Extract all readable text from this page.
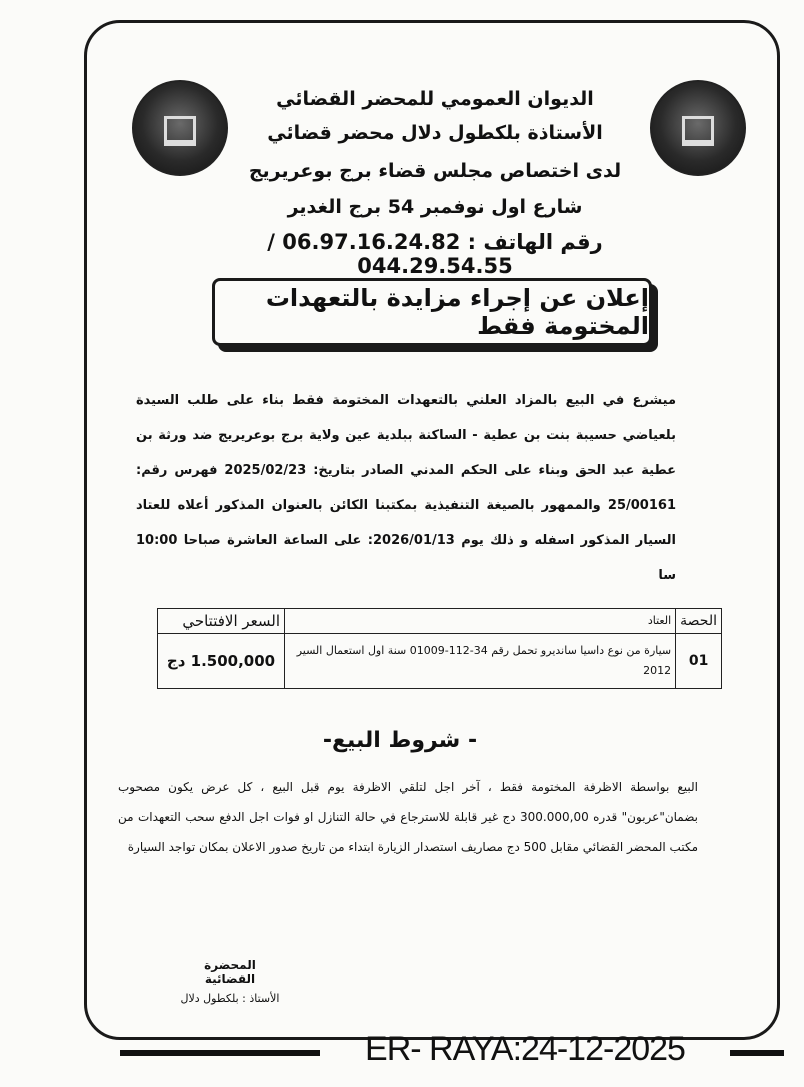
الديوان العمومي للمحضر القضائي
الأستاذة بلكطول دلال محضر قضائي
لدى اختصاص مجلس قضاء برج بوعريريج
شارع اول نوفمبر 54 برج الغدير
رقم الهاتف : 06.97.16.24.82 / 044.29.54.55
إعلان عن إجراء مزايدة بالتعهدات المختومة فقط
ميشرع في البيع بالمزاد العلني بالتعهدات المختومة فقط بناء على طلب السيدة بلعياضي حسيبة بنت بن عطية - الساكنة ببلدية عين ولاية برج بوعريريج ضد ورثة بن عطية عبد الحق وبناء على الحكم المدني الصادر بتاريخ: 2025/02/23 فهرس رقم: 25/00161 والممهور بالصيغة التنفيذية بمكتبنا الكائن بالعنوان المذكور أعلاه للعتاد السيار المذكور اسفله و ذلك يوم 2026/01/13: على الساعة العاشرة صباحا 10:00 سا
الحصة	العتاد	السعر الافتتاحي
01	سيارة من نوع داسيا سانديرو تحمل رقم 34-112-01009 سنة اول استعمال السير 2012	1.500,000 دج
- شروط البيع-
البيع بواسطة الاظرفة المختومة فقط ، آخر اجل لتلقي الاظرفة يوم قبل البيع ، كل عرض يكون مصحوب بضمان"عربون" قدره 300.000,00 دج غير قابلة للاسترجاع في حالة التنازل او فوات اجل الدفع سحب التعهدات من مكتب المحضر القضائي مقابل 500 دج مصاريف استصدار الزيارة ابتداء من تاريخ صدور الاعلان بمكان تواجد السيارة
المحضرة القضائية
الأستاذ : بلكطول دلال
ER- RAYA:24-12-2025
